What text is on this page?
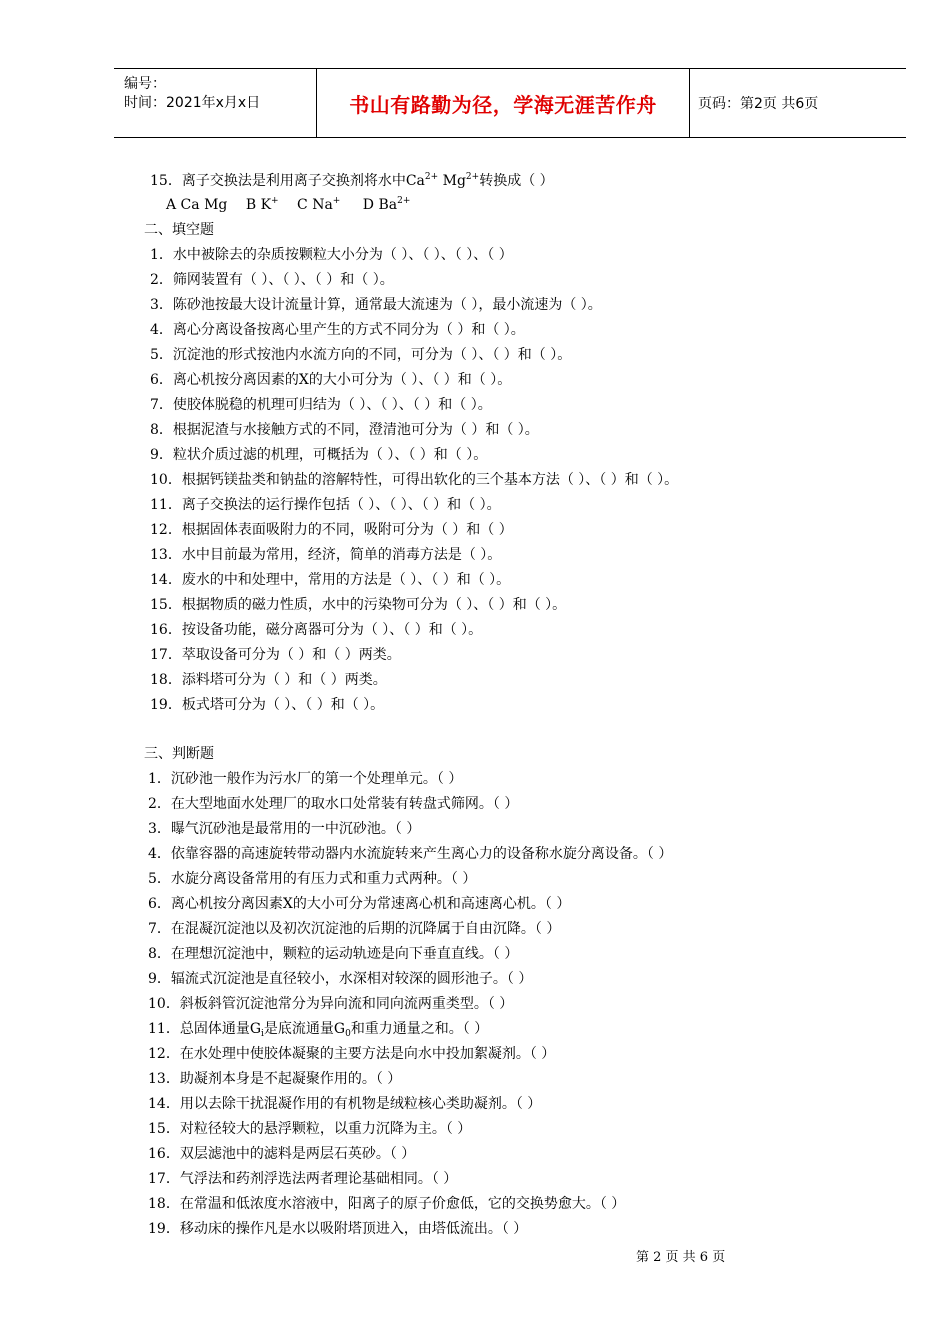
编号：
时间：2021年x月x日	书山有路勤为径，学海无涯苦作舟	页码：第2页 共6页
15．离子交换法是利用离子交换剂将水中$Ca^{2+}$ $Mg^{2+}$转换成（ ）
A Ca Mg B K+ C Na+ D $Ba^{2+}$
二、填空题
1．水中被除去的杂质按颗粒大小分为（ ）、（ ）、（ ）、（ ）
2．筛网装置有（ ）、（ ）、（ ）和（ ）。
3．陈砂池按最大设计流量计算，通常最大流速为（ ），最小流速为（ ）。
4．离心分离设备按离心里产生的方式不同分为（ ）和（ ）。
5．沉淀池的形式按池内水流方向的不同，可分为（ ）、（ ）和（ ）。
6．离心机按分离因素的X的大小可分为（ ）、（ ）和（ ）。
7．使胶体脱稳的机理可归结为（ ）、（ ）、（ ）和（ ）。
8．根据泥渣与水接触方式的不同，澄清池可分为（ ）和（ ）。
9．粒状介质过滤的机理，可概括为（ ）、（ ）和（ ）。
10．根据钙镁盐类和钠盐的溶解特性，可得出软化的三个基本方法（ ）、（ ）和（ ）。
11．离子交换法的运行操作包括（ ）、（ ）、（ ）和（ ）。
12．根据固体表面吸附力的不同，吸附可分为（ ）和（ ）
13．水中目前最为常用，经济，简单的消毒方法是（ ）。
14．废水的中和处理中，常用的方法是（ ）、（ ）和（ ）。
15．根据物质的磁力性质，水中的污染物可分为（ ）、（ ）和（ ）。
16．按设备功能，磁分离器可分为（ ）、（ ）和（ ）。
17．萃取设备可分为（ ）和（ ）两类。
18．添料塔可分为（ ）和（ ）两类。
19．板式塔可分为（ ）、（ ）和（ ）。
三、判断题
1．沉砂池一般作为污水厂的第一个处理单元。（ ）
2．在大型地面水处理厂的取水口处常装有转盘式筛网。（ ）
3．曝气沉砂池是最常用的一中沉砂池。（ ）
4．依靠容器的高速旋转带动器内水流旋转来产生离心力的设备称水旋分离设备。（ ）
5．水旋分离设备常用的有压力式和重力式两种。（ ）
6．离心机按分离因素X的大小可分为常速离心机和高速离心机。（ ）
7．在混凝沉淀池以及初次沉淀池的后期的沉降属于自由沉降。（ ）
8．在理想沉淀池中，颗粒的运动轨迹是向下垂直直线。（ ）
9．辐流式沉淀池是直径较小，水深相对较深的圆形池子。（ ）
10．斜板斜管沉淀池常分为异向流和同向流两重类型。（ ）
11．总固体通量$G_i$是底流通量$G_0$和重力通量之和。（ ）
12．在水处理中使胶体凝聚的主要方法是向水中投加絮凝剂。（ ）
13．助凝剂本身是不起凝聚作用的。（ ）
14．用以去除干扰混凝作用的有机物是绒粒核心类助凝剂。（ ）
15．对粒径较大的悬浮颗粒，以重力沉降为主。（ ）
16．双层滤池中的滤料是两层石英砂。（ ）
17．气浮法和药剂浮选法两者理论基础相同。（ ）
18．在常温和低浓度水溶液中，阳离子的原子价愈低，它的交换势愈大。（ ）
19．移动床的操作凡是水以吸附塔顶进入，由塔低流出。（ ）
第 2 页 共 6 页
